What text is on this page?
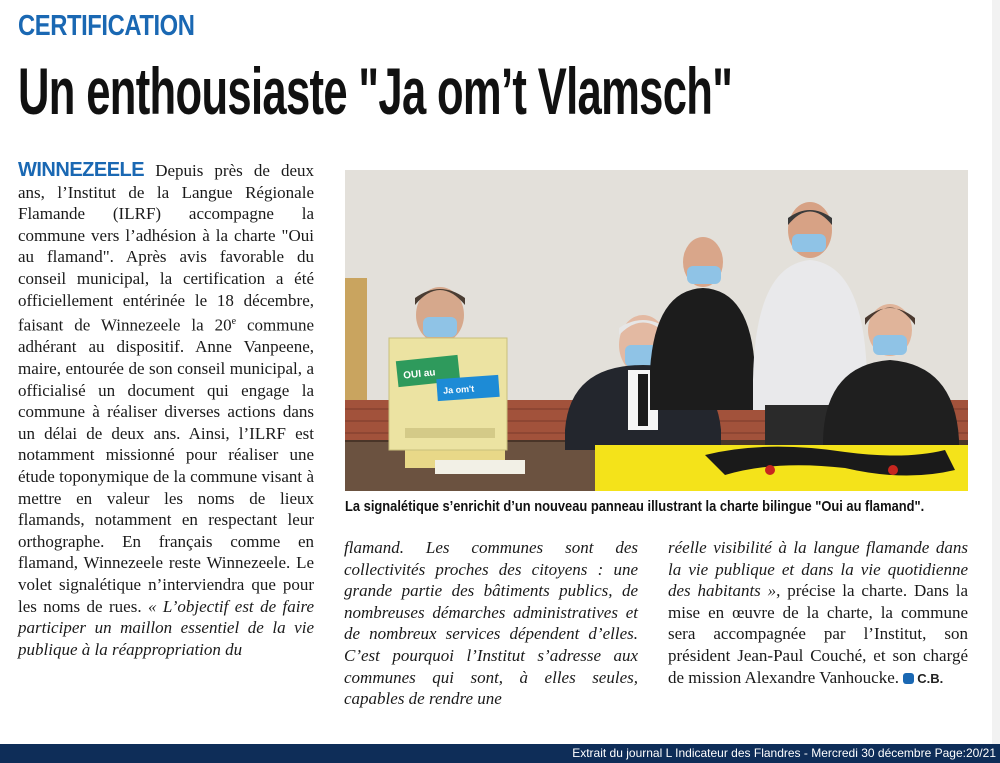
CERTIFICATION
Un enthousiaste "Ja om’t Vlamsch"
WINNEZEELE Depuis près de deux ans, l’Institut de la Langue Régionale Flamande (ILRF) accompagne la commune vers l’adhésion à la charte "Oui au flamand". Après avis favorable du conseil municipal, la certification a été officiellement entérinée le 18 décembre, faisant de Winnezeele la 20e commune adhérant au dispositif. Anne Vanpeene, maire, entourée de son conseil municipal, a officialisé un document qui engage la commune à réaliser diverses actions dans un délai de deux ans. Ainsi, l’ILRF est notamment missionné pour réaliser une étude toponymique de la commune visant à mettre en valeur les noms de lieux flamands, notamment en respectant leur orthographe. En français comme en flamand, Winnezeele reste Winnezeele. Le volet signalétique n’interviendra que pour les noms de rues. « L’objectif est de faire participer un maillon essentiel de la vie publique à la réappropriation du
OUI au
Ja om't
La signalétique s’enrichit d’un nouveau panneau illustrant la charte bilingue "Oui au flamand".
flamand. Les communes sont des collectivités proches des citoyens : une grande partie des bâtiments publics, de nombreuses démarches administratives et de nombreux services dépendent d’elles. C’est pourquoi l’Institut s’adresse aux communes qui sont, à elles seules, capables de rendre une
réelle visibilité à la langue flamande dans la vie publique et dans la vie quotidienne des habitants », précise la charte. Dans la mise en œuvre de la charte, la commune sera accompagnée par l’Institut, son président Jean-Paul Couché, et son chargé de mission Alexandre Vanhoucke. C.B.
Extrait du journal L Indicateur des Flandres - Mercredi 30 décembre Page:20/21
